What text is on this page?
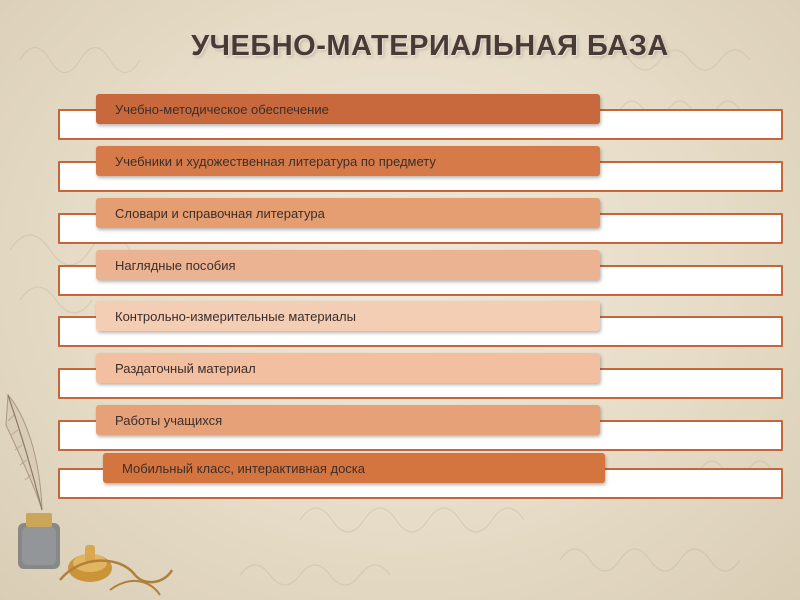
УЧЕБНО-МАТЕРИАЛЬНАЯ БАЗА
Учебно-методическое обеспечение
Учебники и художественная литература по предмету
Словари и справочная литература
Наглядные пособия
Контрольно-измерительные материалы
Раздаточный материал
Работы учащихся
Мобильный класс, интерактивная доска
